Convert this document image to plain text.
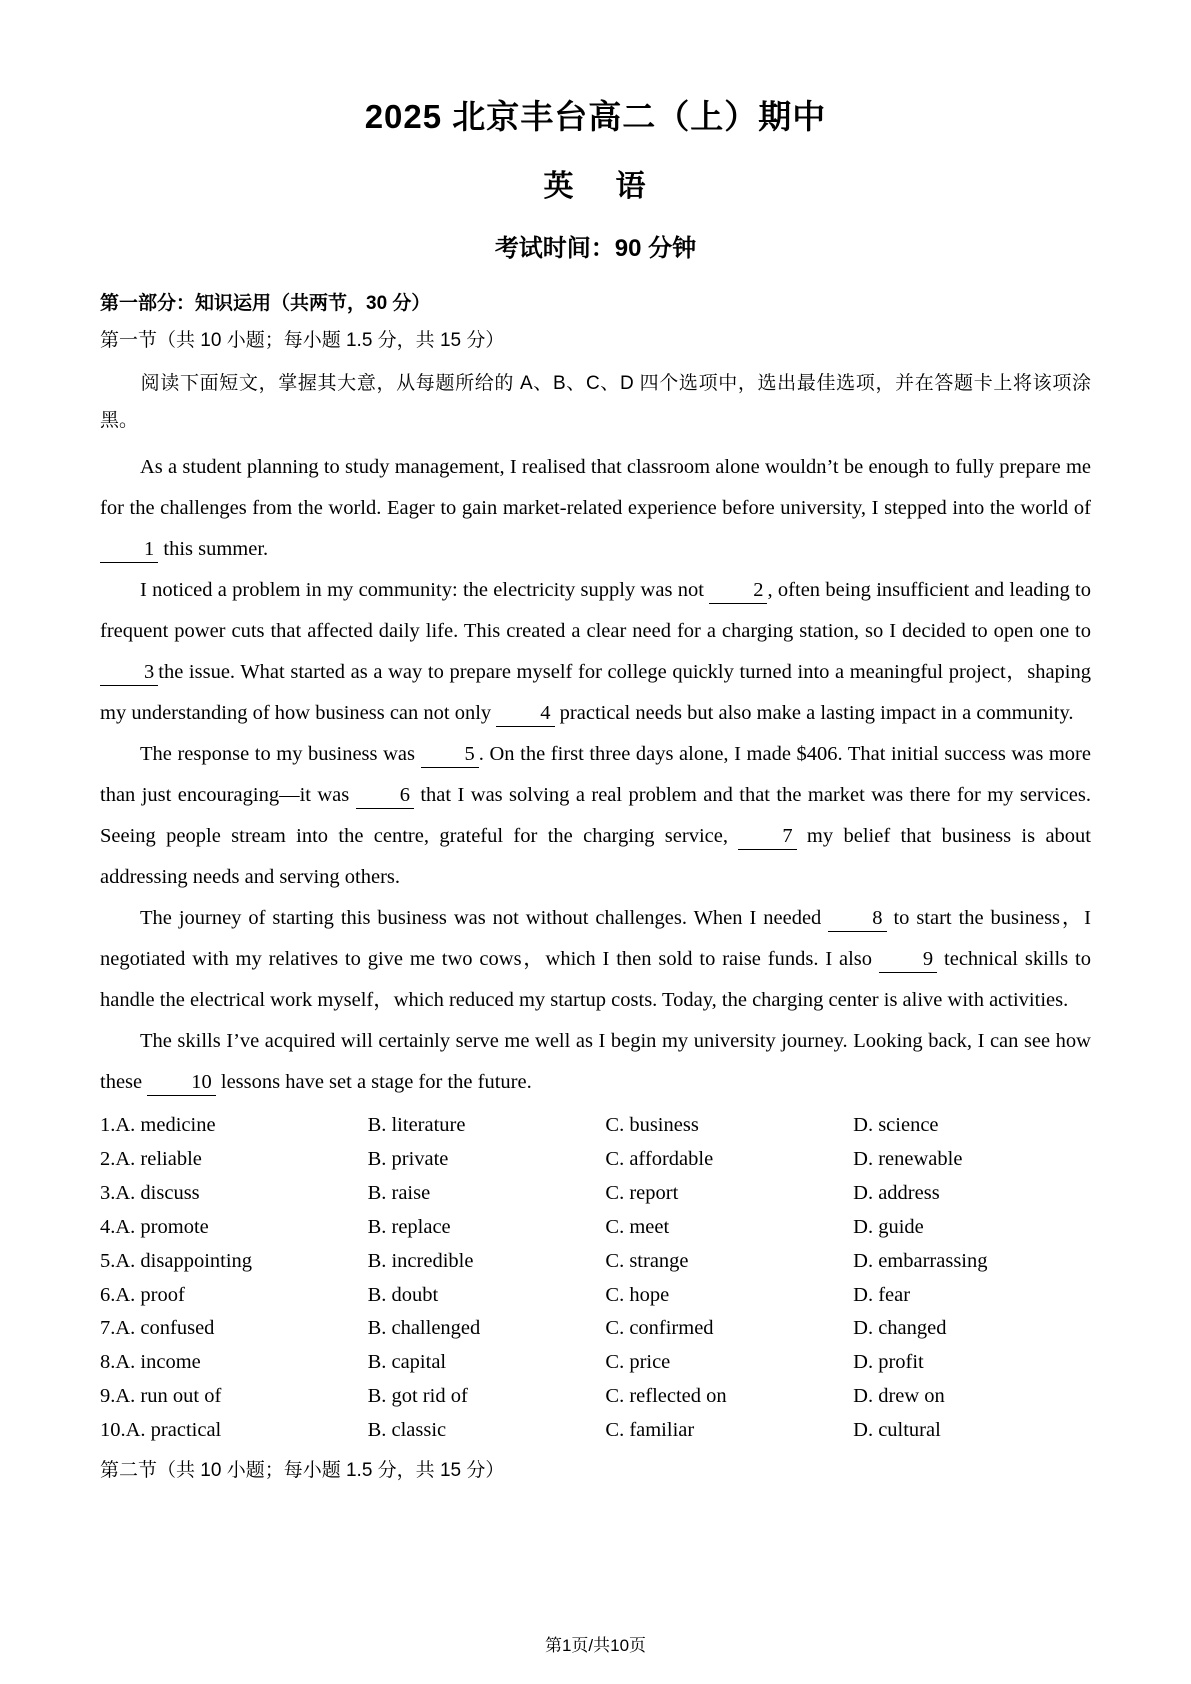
2025 北京丰台高二（上）期中
英 语
考试时间：90 分钟
第一部分：知识运用（共两节，30 分）
第一节（共 10 小题；每小题 1.5 分，共 15 分）
阅读下面短文，掌握其大意，从每题所给的 A、B、C、D 四个选项中，选出最佳选项，并在答题卡上将该项涂黑。

As a student planning to study management, I realised that classroom alone wouldn’t be enough to fully prepare me for the challenges from the world. Eager to gain market-related experience before university, I stepped into the world of 1 this summer.

I noticed a problem in my community: the electricity supply was not 2 , often being insufficient and leading to frequent power cuts that affected daily life. This created a clear need for a charging station, so I decided to open one to 3 the issue. What started as a way to prepare myself for college quickly turned into a meaningful project，shaping my understanding of how business can not only 4 practical needs but also make a lasting impact in a community.

The response to my business was 5 . On the first three days alone, I made $406. That initial success was more than just encouraging—it was 6 that I was solving a real problem and that the market was there for my services. Seeing people stream into the centre, grateful for the charging service, 7 my belief that business is about addressing needs and serving others.

The journey of starting this business was not without challenges. When I needed 8 to start the business，I negotiated with my relatives to give me two cows，which I then sold to raise funds. I also 9 technical skills to handle the electrical work myself，which reduced my startup costs. Today, the charging center is alive with activities.

The skills I’ve acquired will certainly serve me well as I begin my university journey. Looking back, I can see how these 10 lessons have set a stage for the future.

1.A. medicine	B. literature	C. business	D. science
2.A. reliable	B. private	C. affordable	D. renewable
3.A. discuss	B. raise	C. report	D. address
4.A. promote	B. replace	C. meet	D. guide
5.A. disappointing	B. incredible	C. strange	D. embarrassing
6.A. proof	B. doubt	C. hope	D. fear
7.A. confused	B. challenged	C. confirmed	D. changed
8.A. income	B. capital	C. price	D. profit
9.A. run out of	B. got rid of	C. reflected on	D. drew on
10.A. practical	B. classic	C. familiar	D. cultural
第二节（共 10 小题；每小题 1.5 分，共 15 分）
第1页/共10页
